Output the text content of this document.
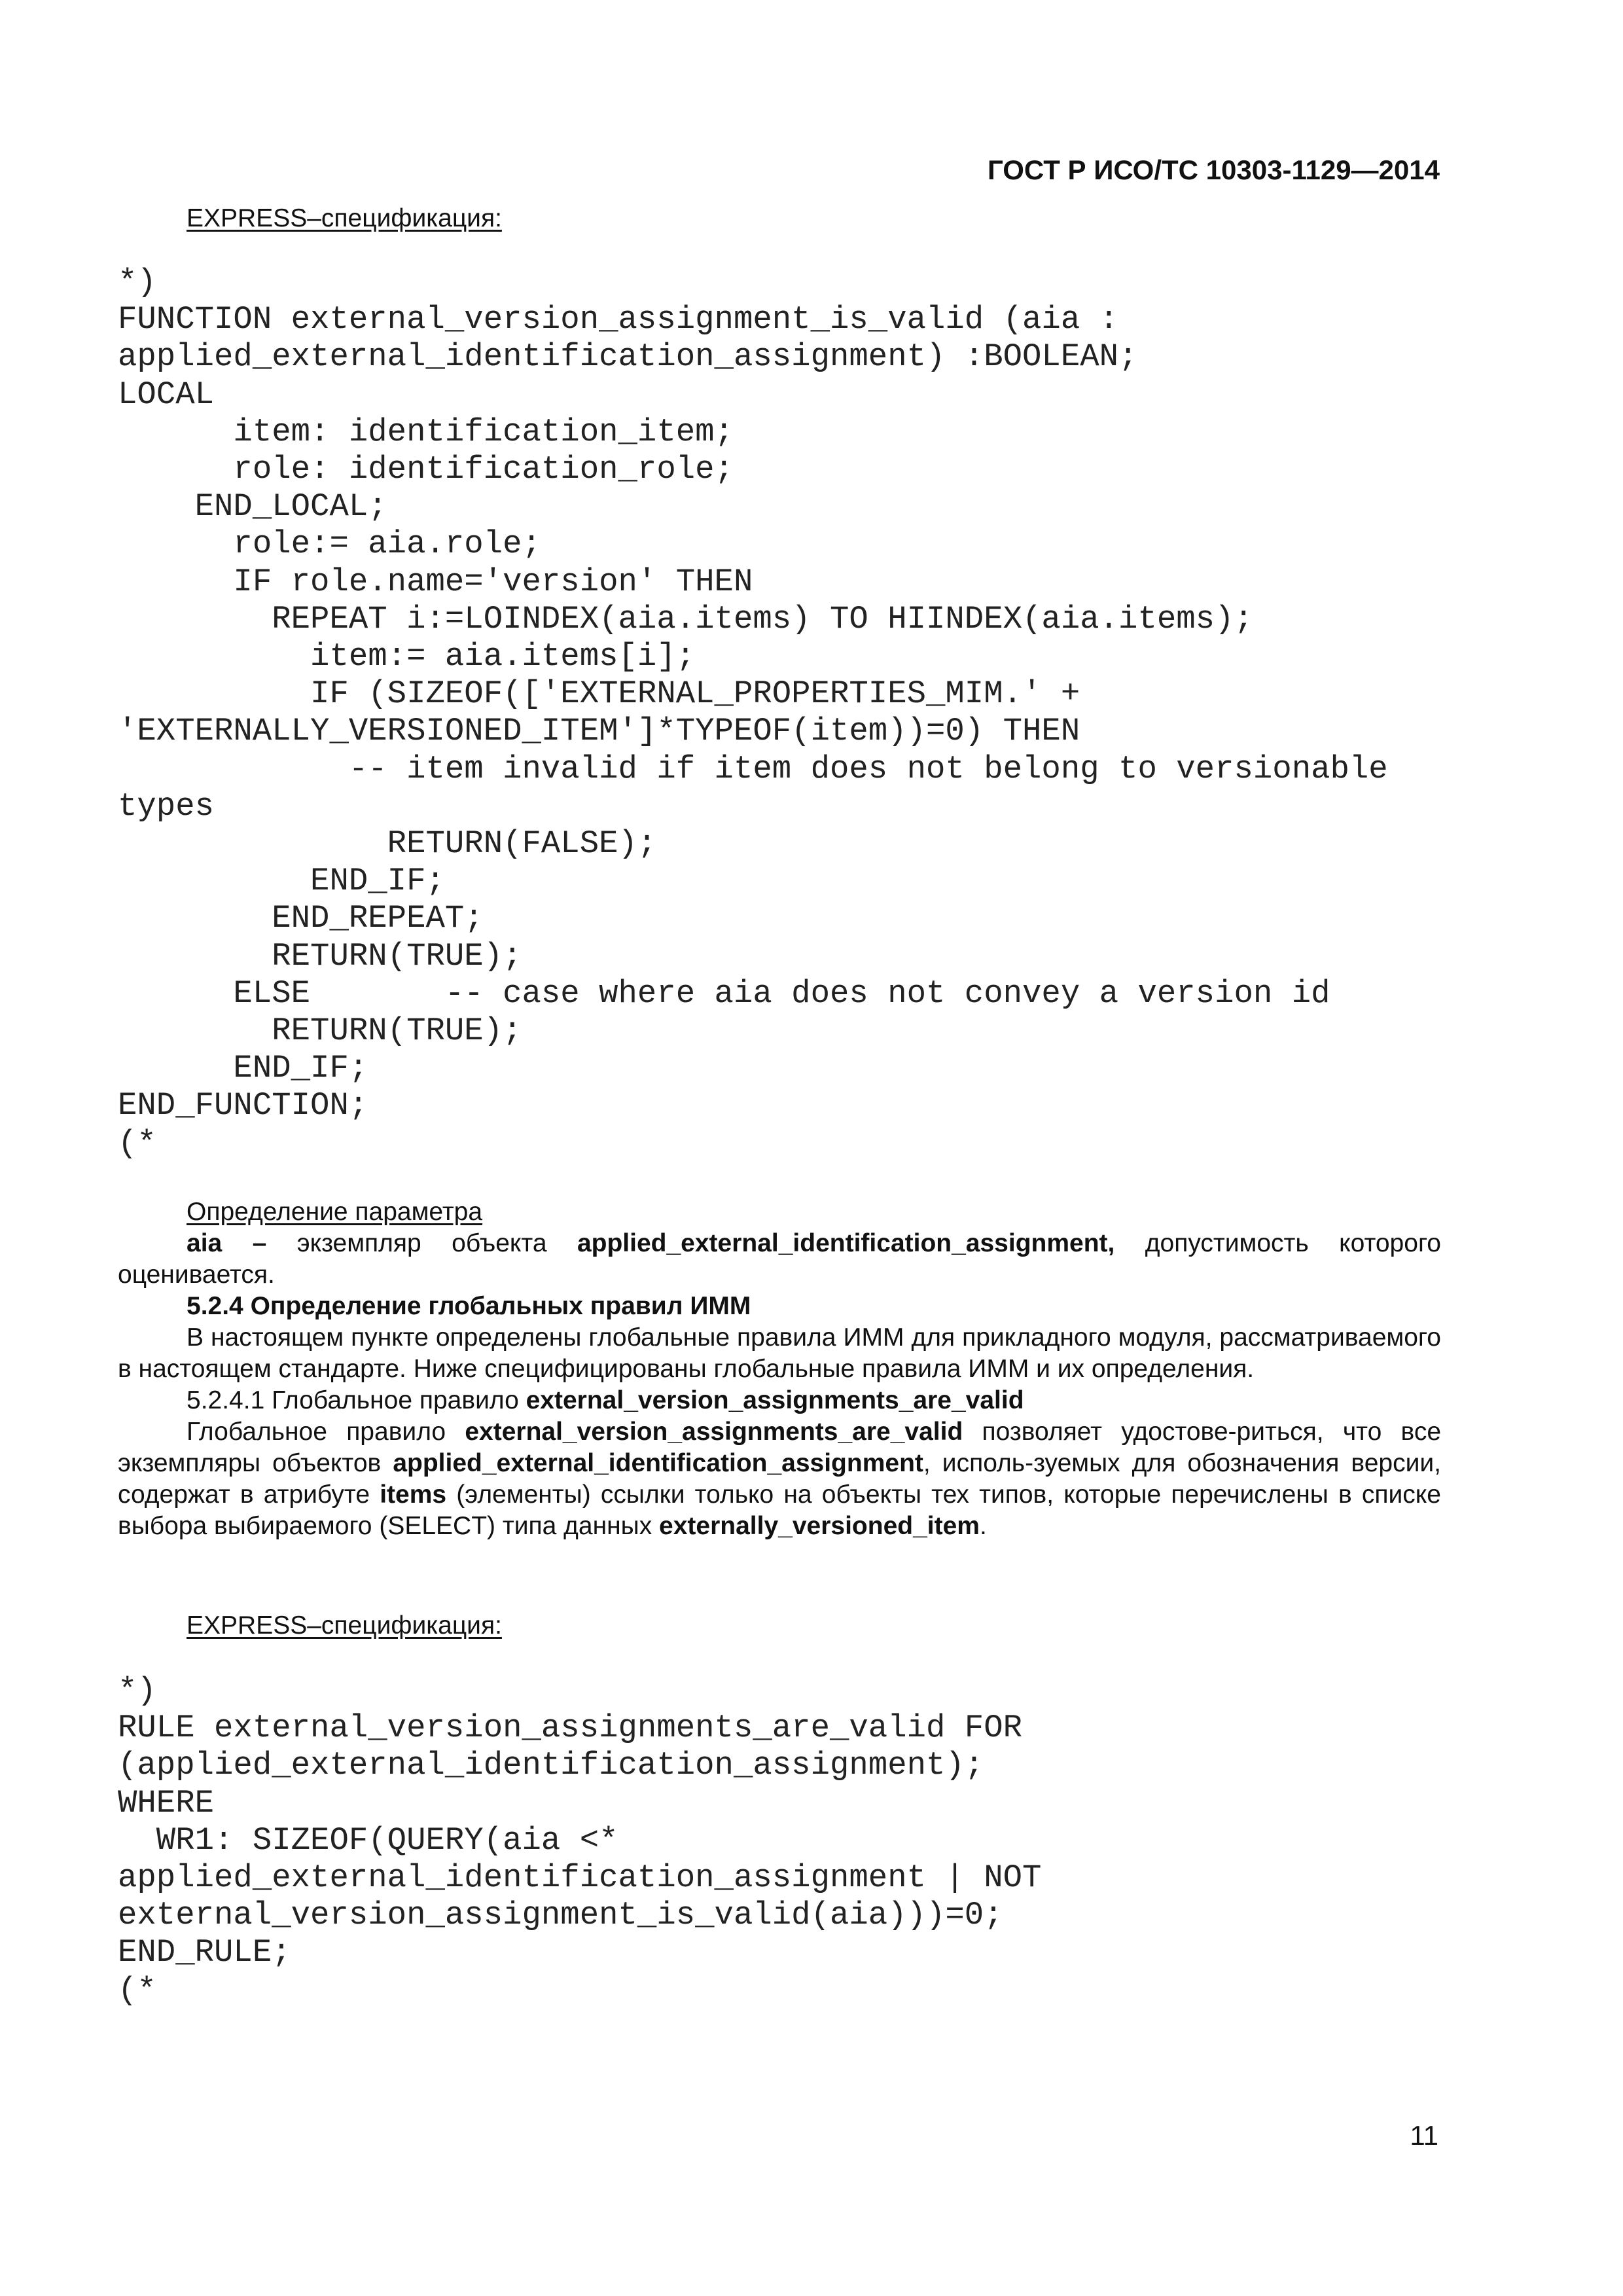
ГОСТ Р ИСО/ТС 10303-1129—2014

EXPRESS–спецификация:

*)
FUNCTION external_version_assignment_is_valid (aia :
applied_external_identification_assignment) :BOOLEAN;
LOCAL
item: identification_item;
role: identification_role;
END_LOCAL;
role:= aia.role;
IF role.name='version' THEN
REPEAT i:=LOINDEX(aia.items) TO HIINDEX(aia.items);
item:= aia.items[i];
IF (SIZEOF(['EXTERNAL_PROPERTIES_MIM.' +
'EXTERNALLY_VERSIONED_ITEM']*TYPEOF(item))=0) THEN
-- item invalid if item does not belong to versionable
types
RETURN(FALSE);
END_IF;
END_REPEAT;
RETURN(TRUE);
ELSE       -- case where aia does not convey a version id
RETURN(TRUE);
END_IF;
END_FUNCTION;
(*

Определение параметра

aia – экземпляр объекта applied_external_identification_assignment, допустимость которого оценивается.

5.2.4 Определение глобальных правил ИММ

В настоящем пункте определены глобальные правила ИММ для прикладного модуля, рассматриваемого в настоящем стандарте. Ниже специфицированы глобальные правила ИММ и их определения.

5.2.4.1 Глобальное правило external_version_assignments_are_valid

Глобальное правило external_version_assignments_are_valid позволяет удостове-риться, что все экземпляры объектов applied_external_identification_assignment, исполь-зуемых для обозначения версии, содержат в атрибуте items (элементы) ссылки только на объекты тех типов, которые перечислены в списке выбора выбираемого (SELECT) типа данных externally_versioned_item.

EXPRESS–спецификация:

*)
RULE external_version_assignments_are_valid FOR
(applied_external_identification_assignment);
WHERE
WR1: SIZEOF(QUERY(aia <*
applied_external_identification_assignment | NOT
external_version_assignment_is_valid(aia)))=0;
END_RULE;
(*
11
